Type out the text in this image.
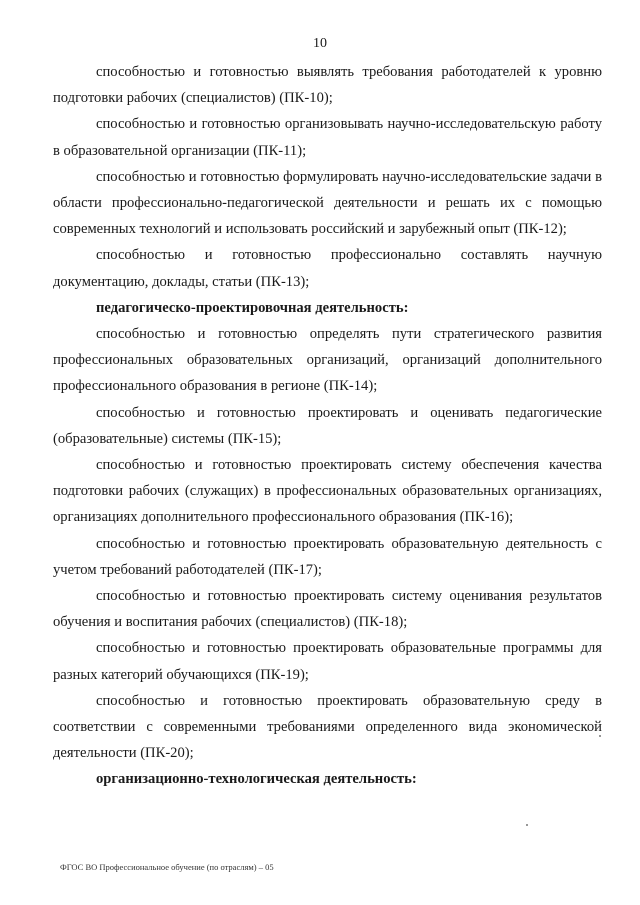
10

способностью и готовностью выявлять требования работодателей к уровню подготовки рабочих (специалистов) (ПК-10);

способностью и готовностью организовывать научно-исследовательскую работу в образовательной организации (ПК-11);

способностью и готовностью формулировать научно-исследовательские задачи в области профессионально-педагогической деятельности и решать их с помощью современных технологий и использовать российский и зарубежный опыт (ПК-12);

способностью и готовностью профессионально составлять научную документацию, доклады, статьи (ПК-13);

педагогическо-проектировочная деятельность:

способностью и готовностью определять пути стратегического развития профессиональных образовательных организаций, организаций дополнительного профессионального образования в регионе (ПК-14);

способностью и готовностью проектировать и оценивать педагогические (образовательные) системы (ПК-15);

способностью и готовностью проектировать систему обеспечения качества подготовки рабочих (служащих) в профессиональных образовательных организациях, организациях дополнительного профессионального образования (ПК-16);

способностью и готовностью проектировать образовательную деятельность с учетом требований работодателей (ПК-17);

способностью и готовностью проектировать систему оценивания результатов обучения и воспитания рабочих (специалистов) (ПК-18);

способностью и готовностью проектировать образовательные программы для разных категорий обучающихся (ПК-19);

способностью и готовностью проектировать образовательную среду в соответствии с современными требованиями определенного вида экономической деятельности (ПК-20);

организационно-технологическая деятельность:

ФГОС ВО Профессиональное обучение (по отраслям) – 05
